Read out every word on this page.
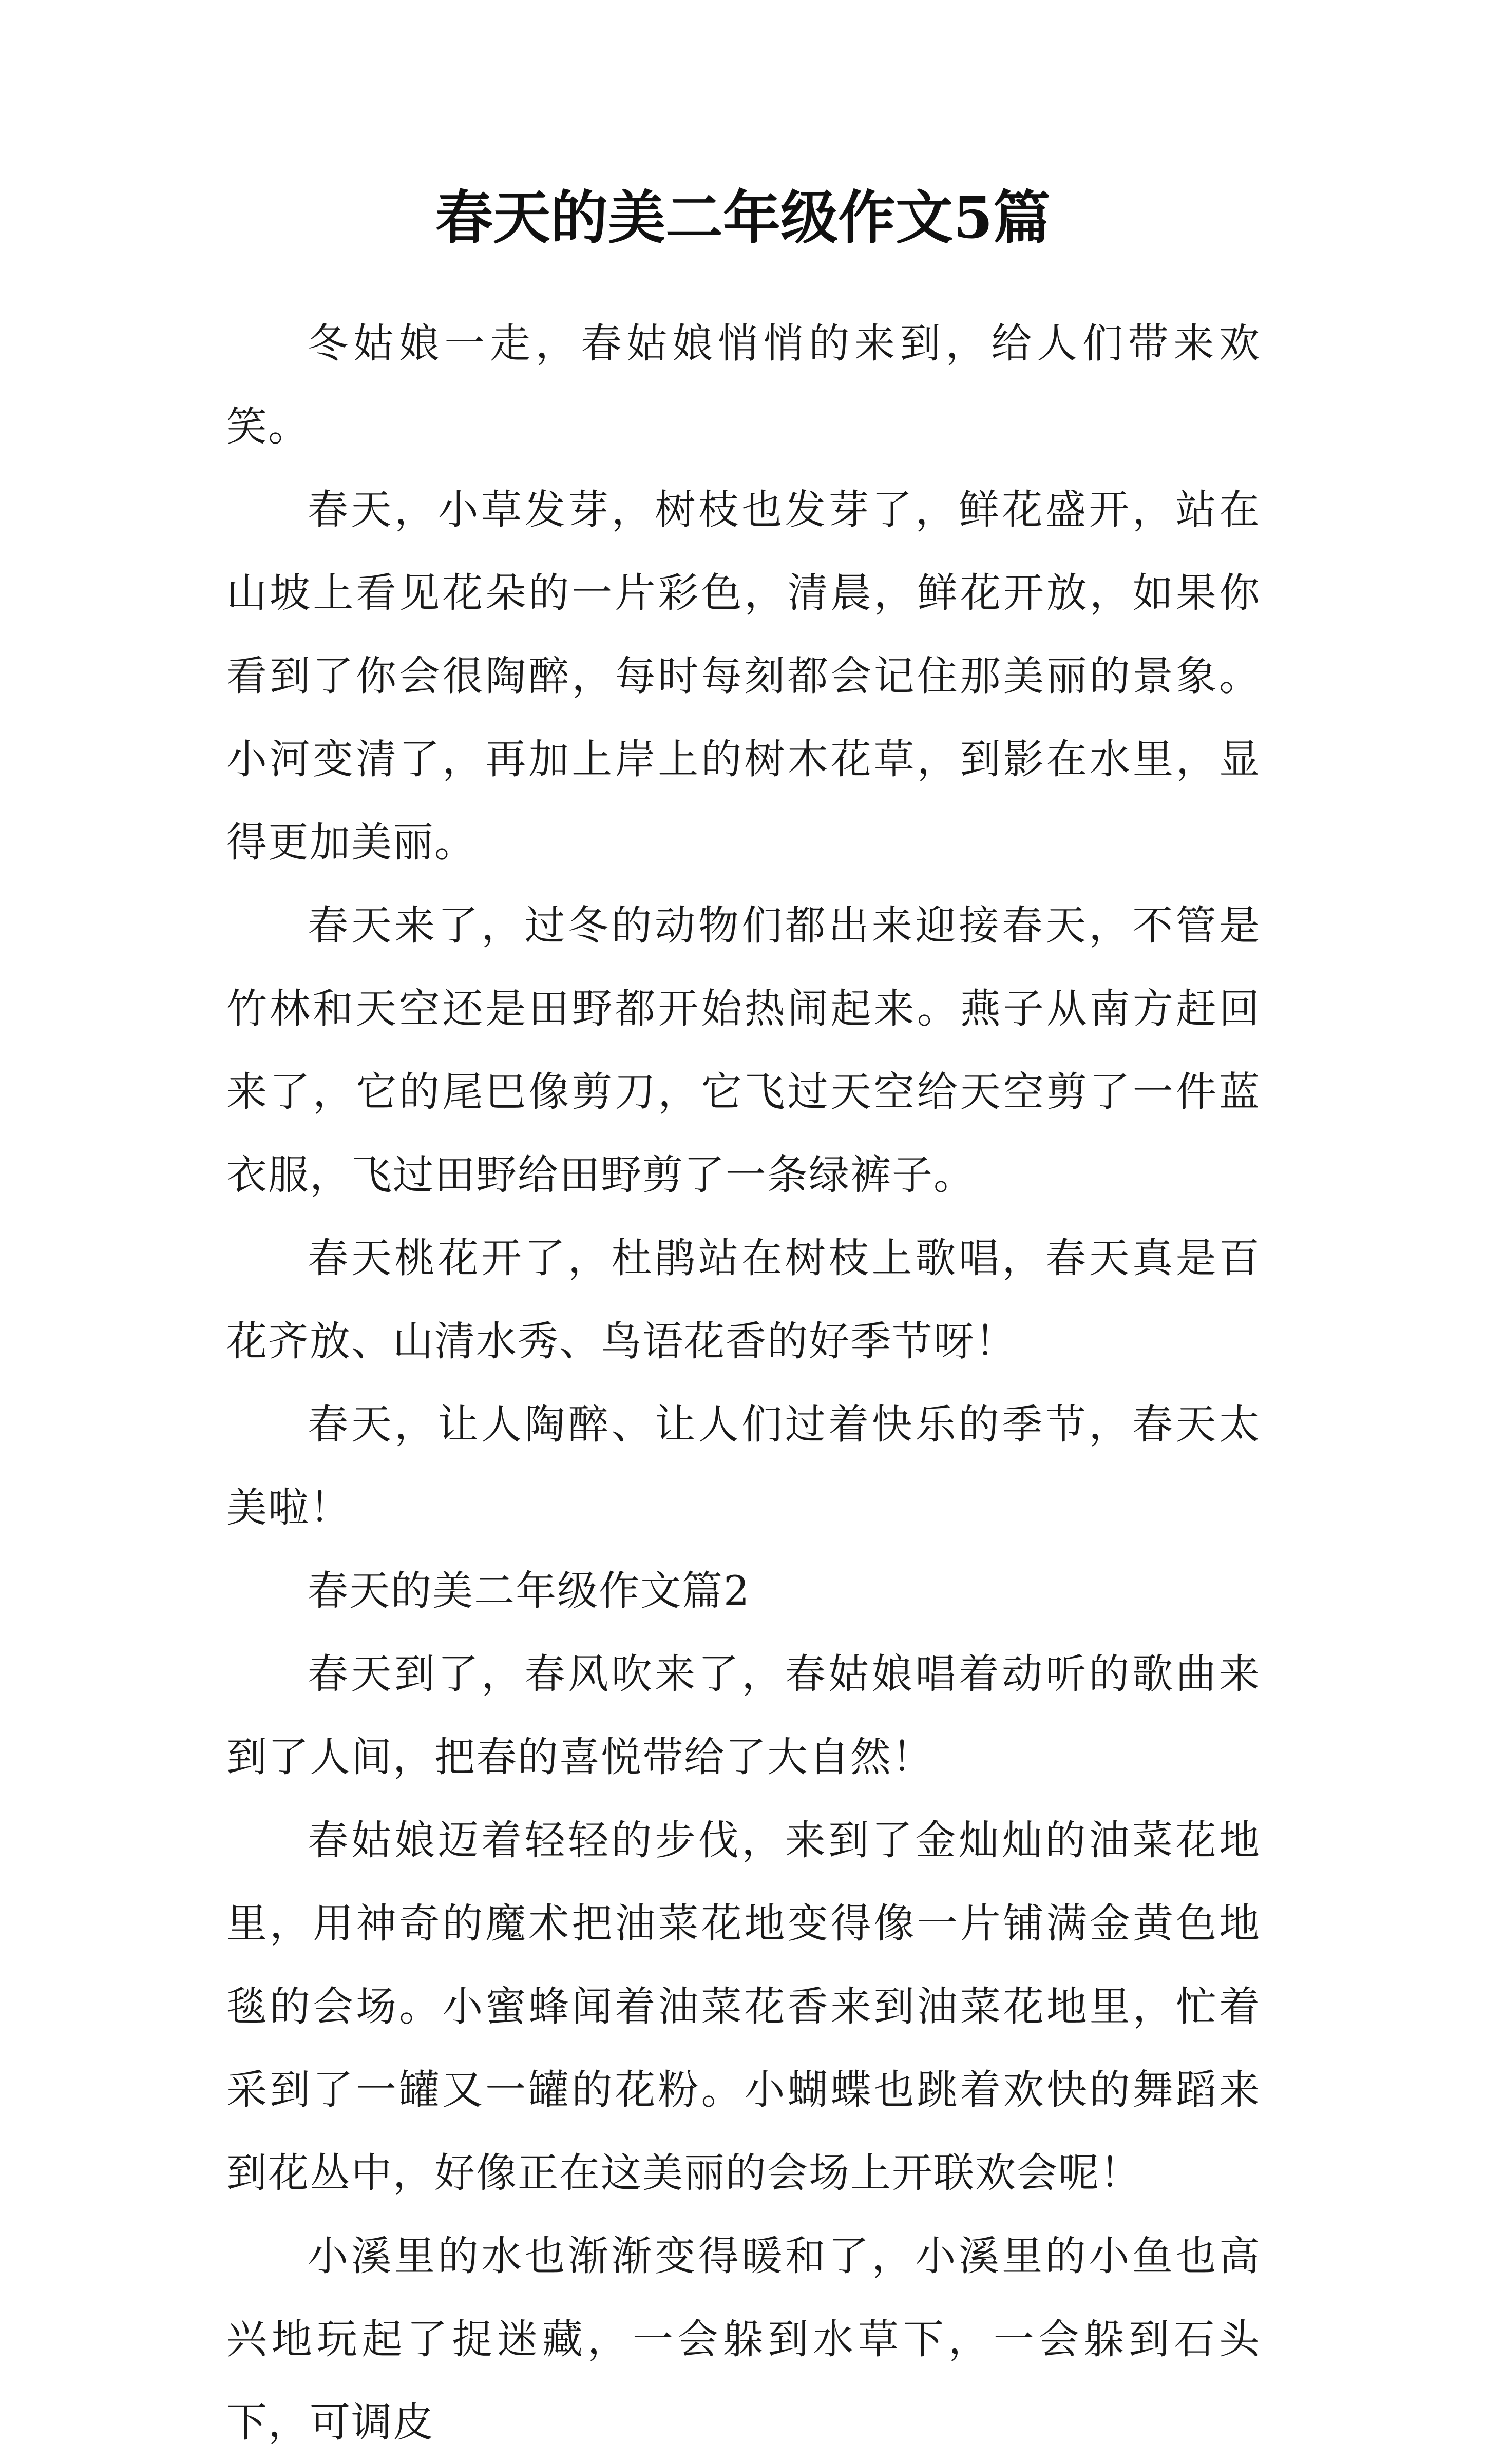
春天的美二年级作文5篇

冬姑娘一走，春姑娘悄悄的来到，给人们带来欢笑。

春天，小草发芽，树枝也发芽了，鲜花盛开，站在山坡上看见花朵的一片彩色，清晨，鲜花开放，如果你看到了你会很陶醉，每时每刻都会记住那美丽的景象。小河变清了，再加上岸上的树木花草，到影在水里，显得更加美丽。

春天来了，过冬的动物们都出来迎接春天，不管是竹林和天空还是田野都开始热闹起来。燕子从南方赶回来了，它的尾巴像剪刀，它飞过天空给天空剪了一件蓝衣服，飞过田野给田野剪了一条绿裤子。

春天桃花开了，杜鹃站在树枝上歌唱，春天真是百花齐放、山清水秀、鸟语花香的好季节呀！

春天，让人陶醉、让人们过着快乐的季节，春天太美啦！

春天的美二年级作文篇2

春天到了，春风吹来了，春姑娘唱着动听的歌曲来到了人间，把春的喜悦带给了大自然！

春姑娘迈着轻轻的步伐，来到了金灿灿的油菜花地里，用神奇的魔术把油菜花地变得像一片铺满金黄色地毯的会场。小蜜蜂闻着油菜花香来到油菜花地里，忙着采到了一罐又一罐的花粉。小蝴蝶也跳着欢快的舞蹈来到花丛中，好像正在这美丽的会场上开联欢会呢！

小溪里的水也渐渐变得暖和了，小溪里的小鱼也高兴地玩起了捉迷藏，一会躲到水草下，一会躲到石头下，可调皮
